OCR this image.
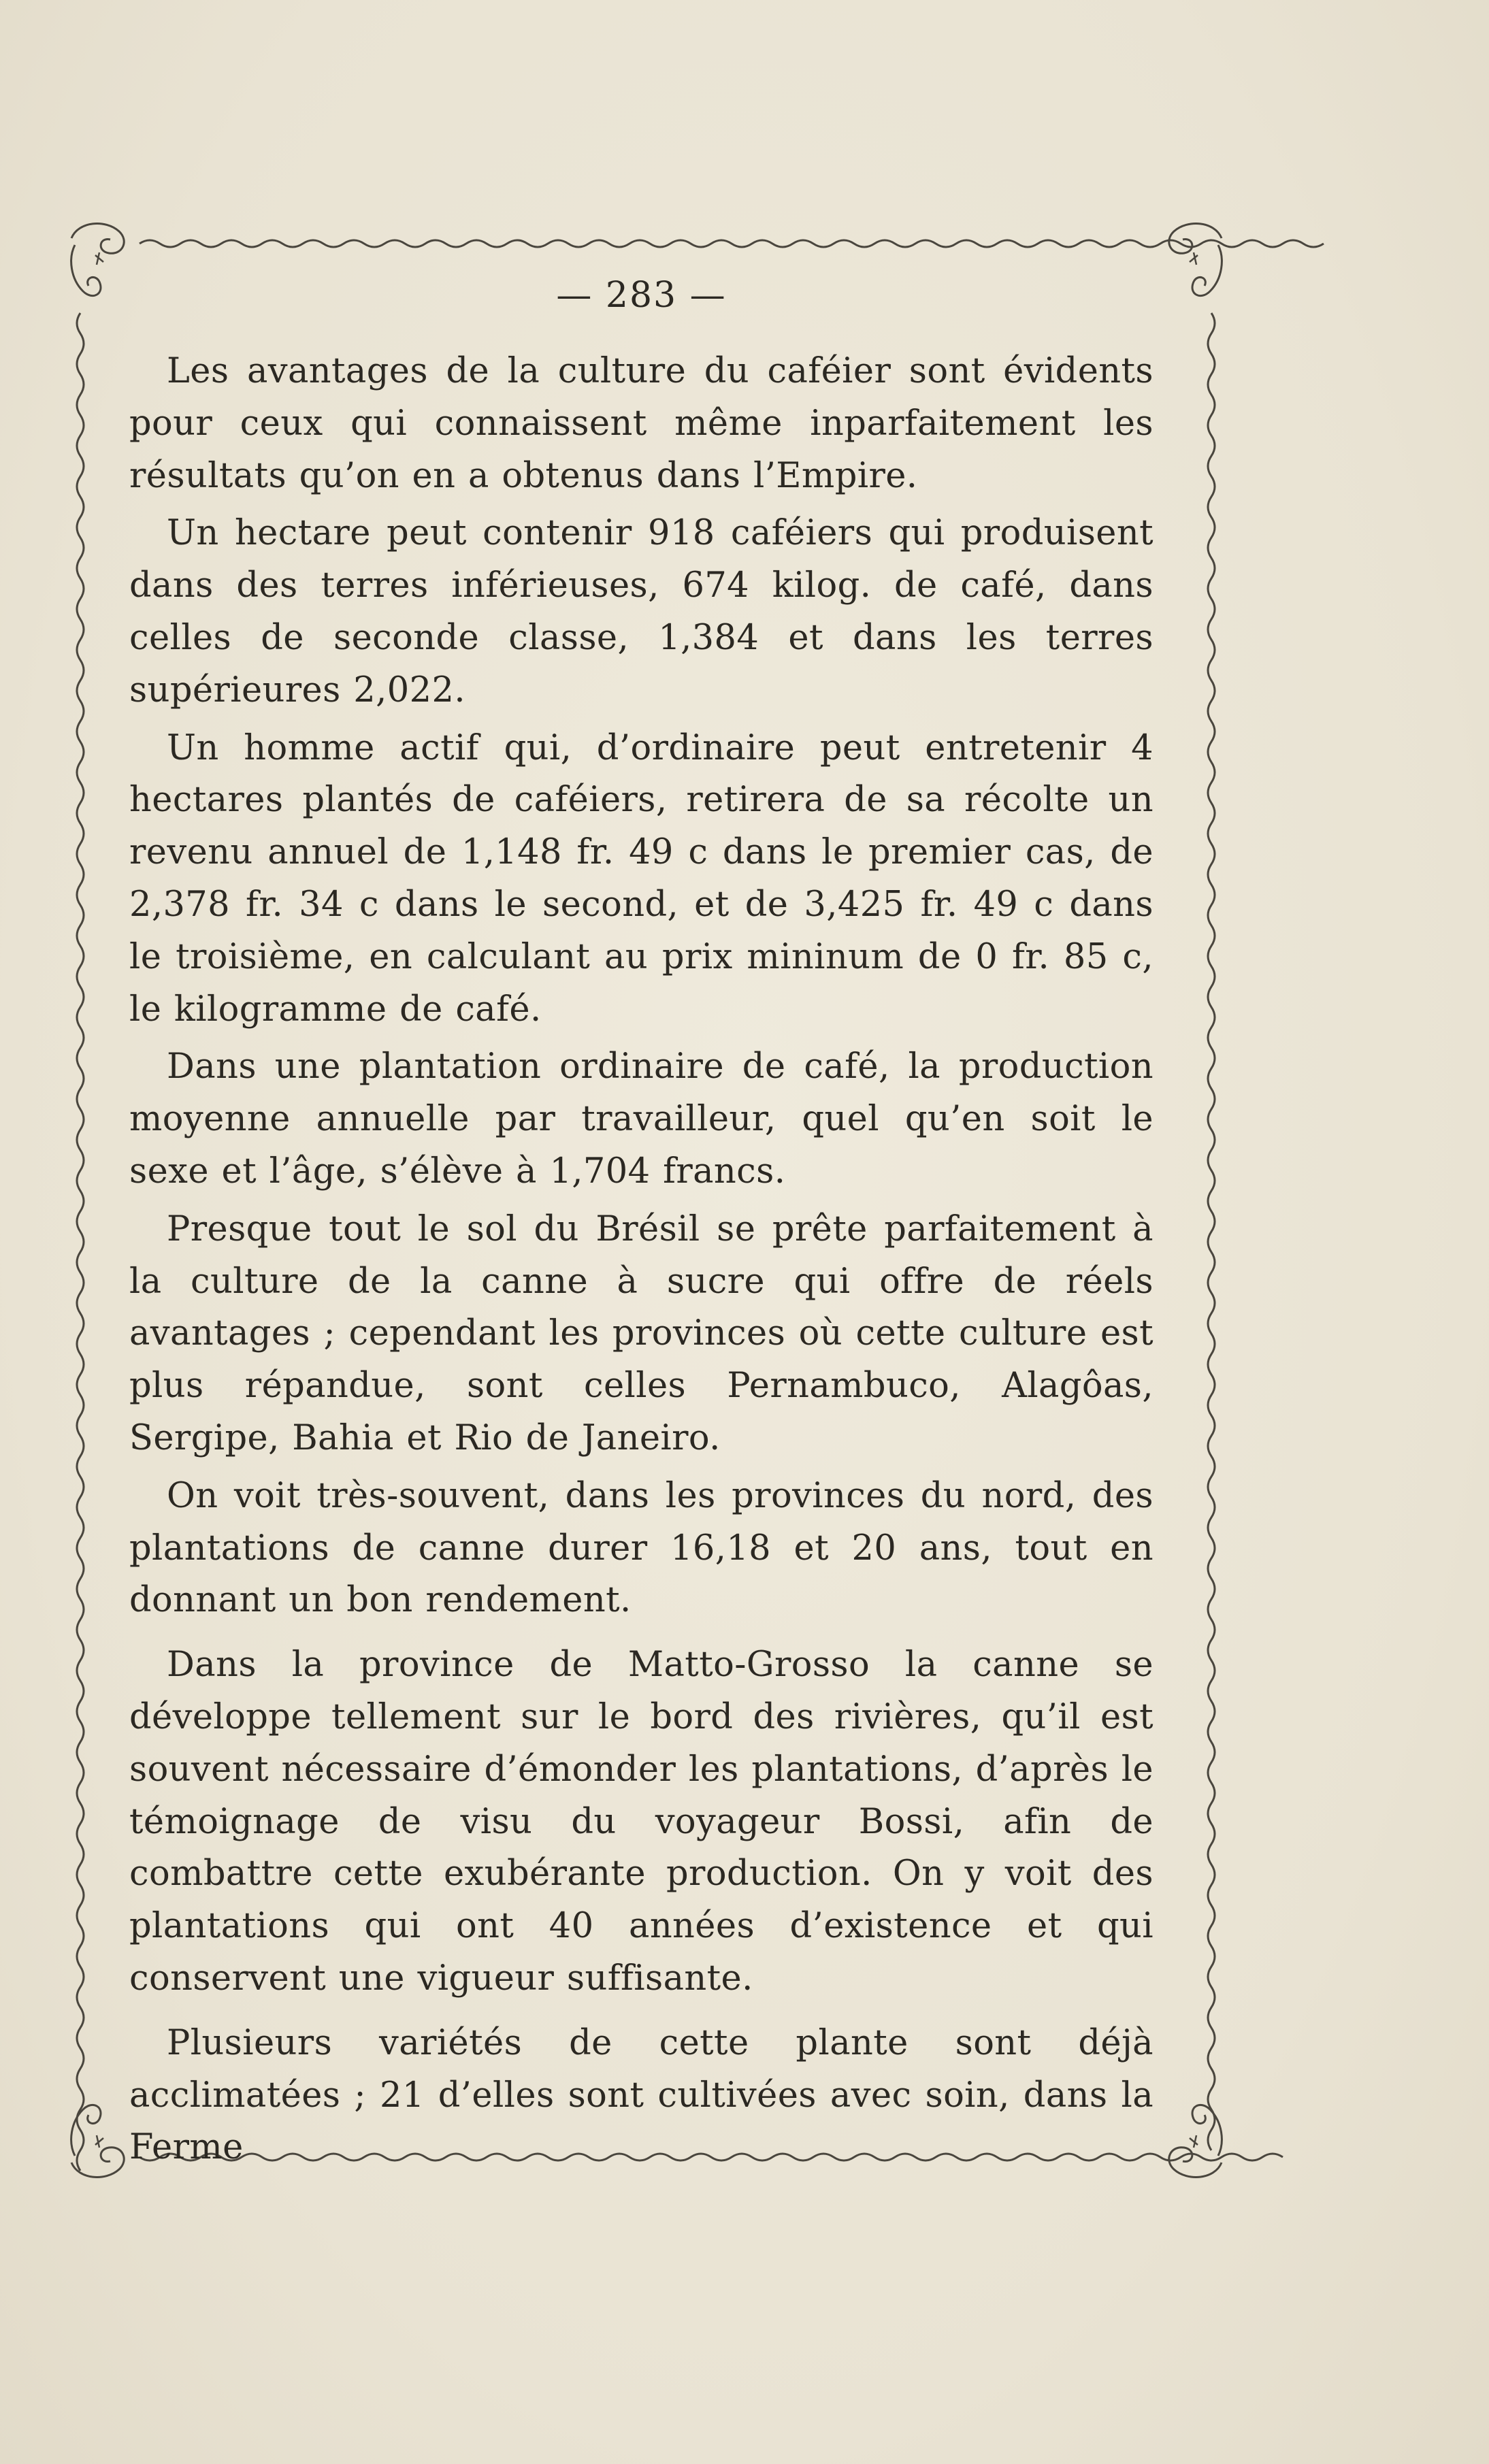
— 283 —

Les avantages de la culture du caféier sont évidents pour ceux qui connaissent même inparfaitement les résultats qu’on en a obtenus dans l’Empire.

Un hectare peut contenir 918 caféiers qui produisent dans des terres inférieuses, 674 kilog. de café, dans celles de seconde classe, 1,384 et dans les terres supérieures 2,022.

Un homme actif qui, d’ordinaire peut entretenir 4 hectares plantés de caféiers, retirera de sa récolte un revenu annuel de 1,148 fr. 49 c dans le premier cas, de 2,378 fr. 34 c dans le second, et de 3,425 fr. 49 c dans le troisième, en calculant au prix mininum de 0 fr. 85 c, le kilogramme de café.

Dans une plantation ordinaire de café, la production moyenne annuelle par travailleur, quel qu’en soit le sexe et l’âge, s’élève à 1,704 francs.

Presque tout le sol du Brésil se prête parfaitement à la culture de la canne à sucre qui offre de réels avantages ; cependant les provinces où cette culture est plus répandue, sont celles Pernambuco, Alagôas, Sergipe, Bahia et Rio de Janeiro.

On voit très-souvent, dans les provinces du nord, des plantations de canne durer 16,18 et 20 ans, tout en donnant un bon rendement.

Dans la province de Matto-Grosso la canne se développe tellement sur le bord des rivières, qu’il est souvent nécessaire d’émonder les plantations, d’après le témoignage de visu du voyageur Bossi, afin de combattre cette exubérante production. On y voit des plantations qui ont 40 années d’existence et qui conservent une vigueur suffisante.

Plusieurs variétés de cette plante sont déjà acclimatées ; 21 d’elles sont cultivées avec soin, dans la Ferme
